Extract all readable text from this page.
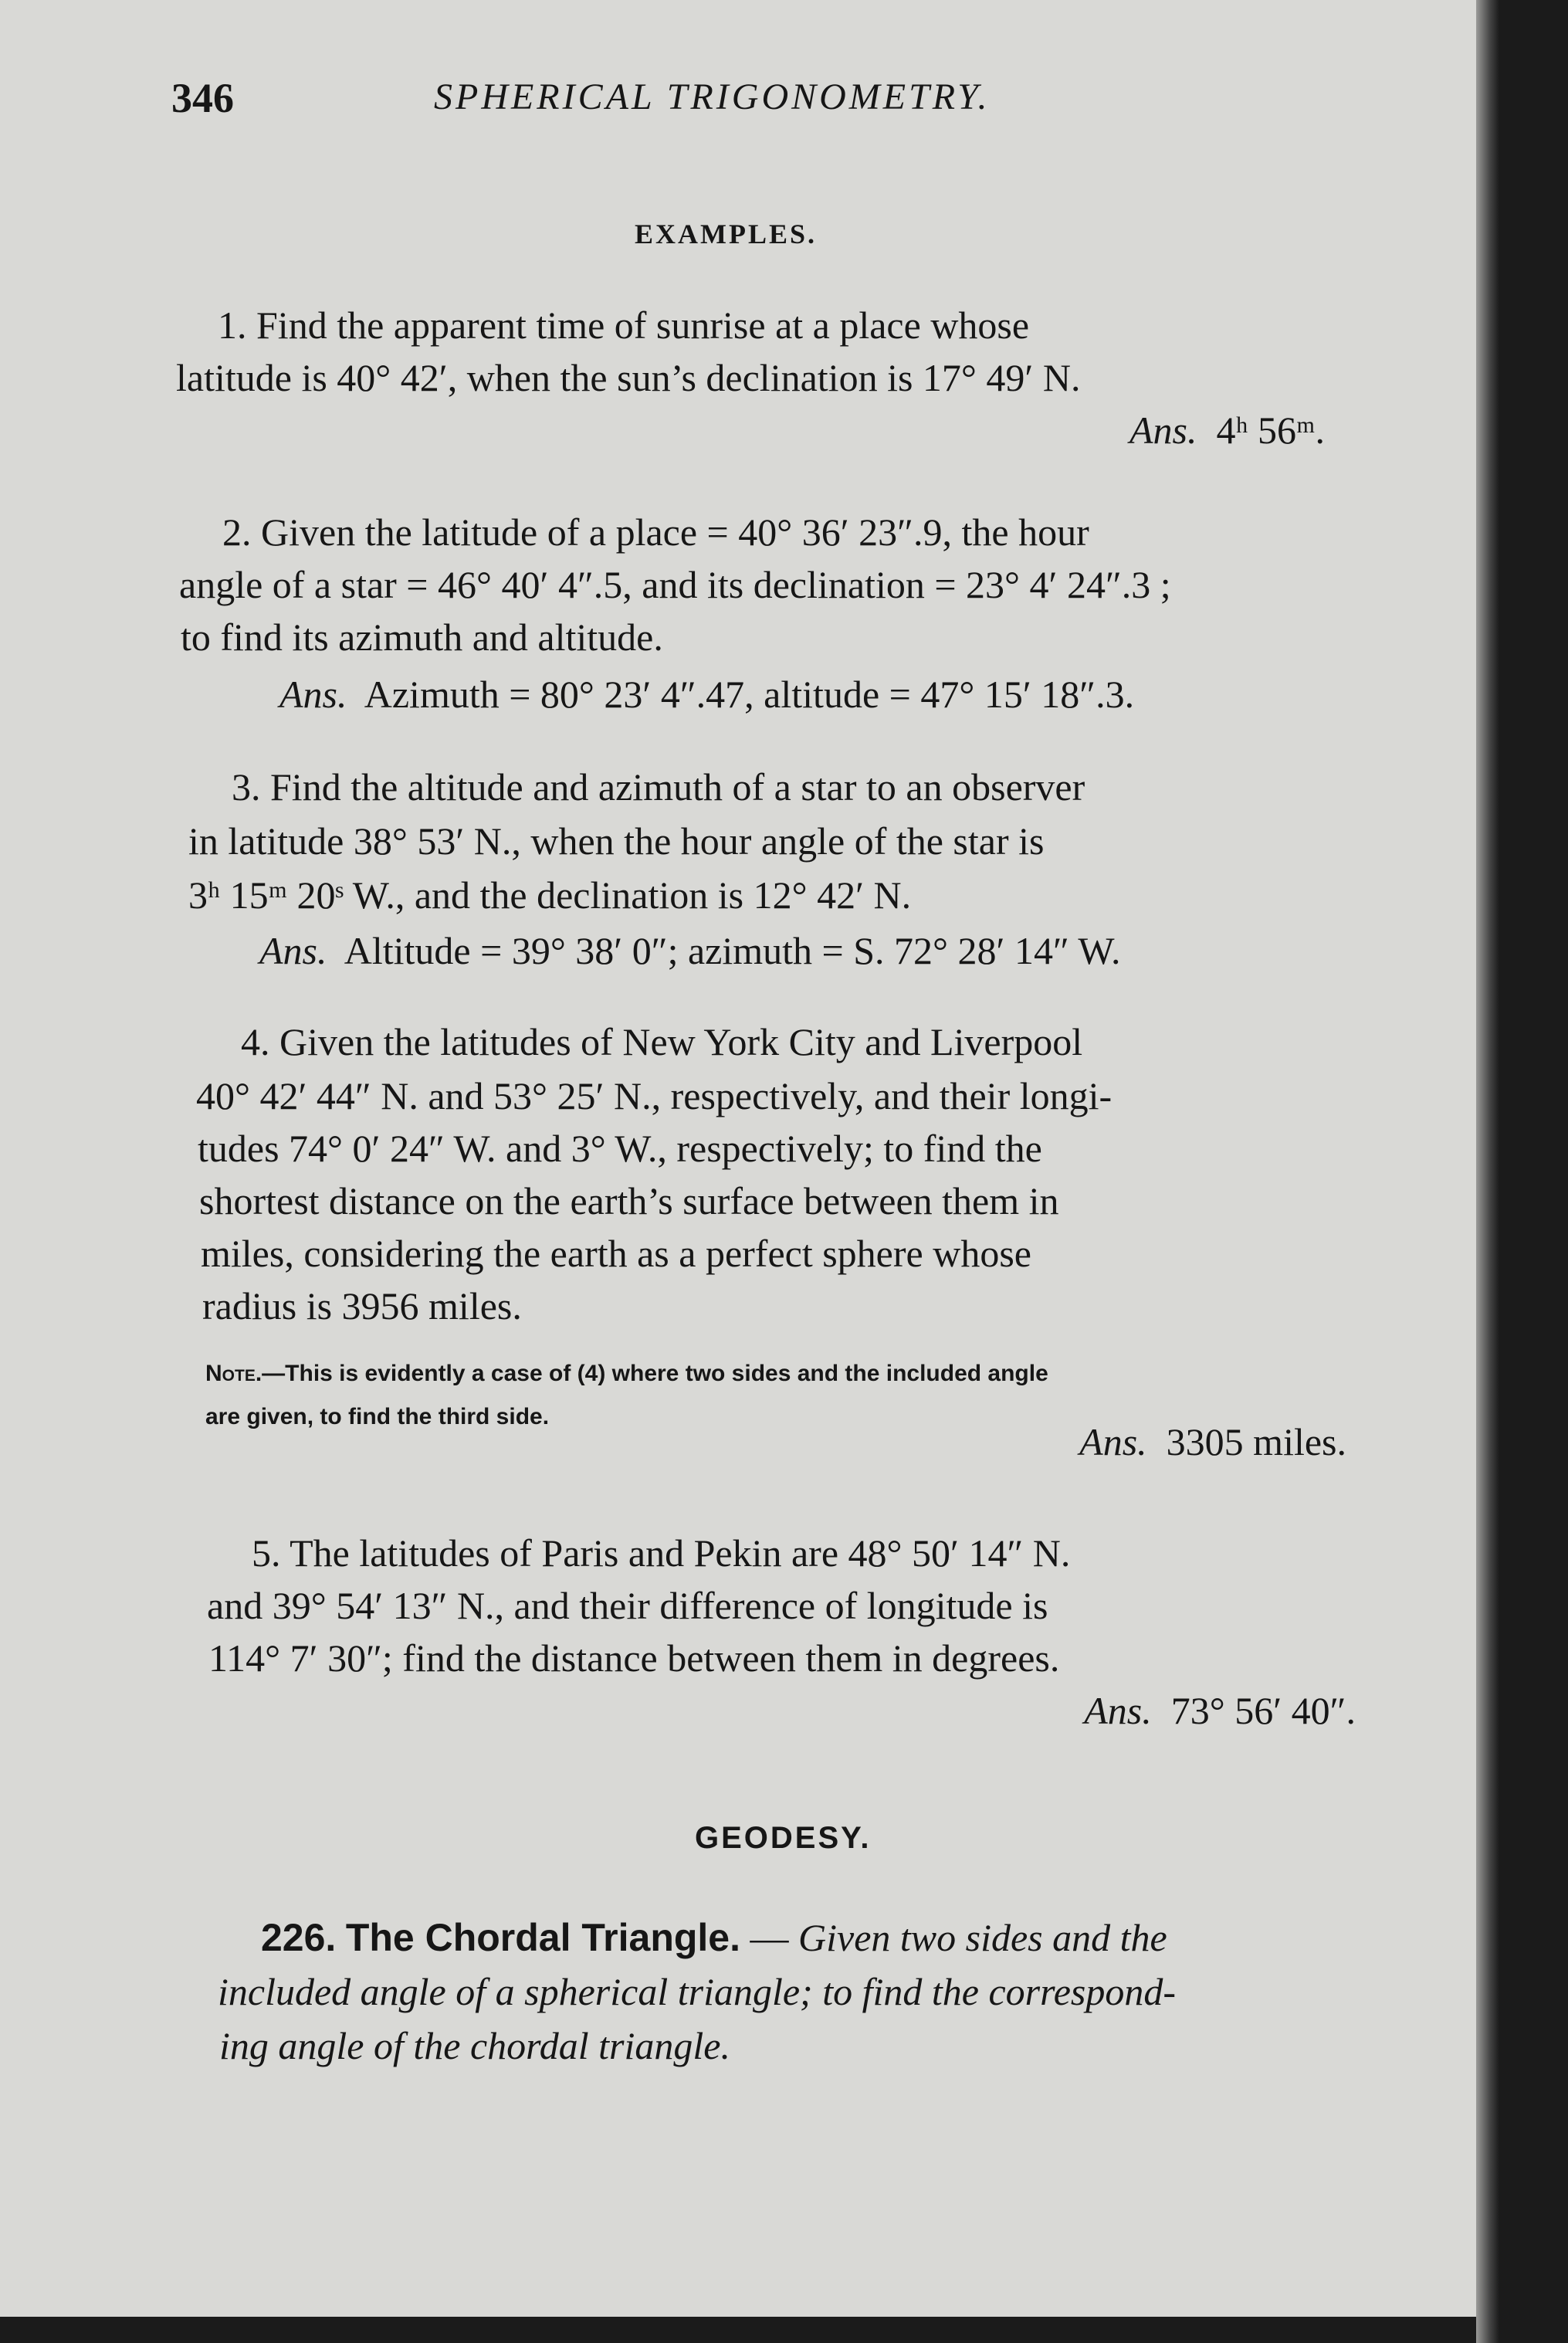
346	SPHERICAL TRIGONOMETRY.
EXAMPLES.
1. Find the apparent time of sunrise at a place whose
latitude is 40° 42′, when the sun’s declination is 17° 49′ N.
Ans. 4ʰ 56ᵐ.
2. Given the latitude of a place = 40° 36′ 23″.9, the hour
angle of a star = 46° 40′ 4″.5, and its declination = 23° 4′ 24″.3 ;
to find its azimuth and altitude.
Ans. Azimuth = 80° 23′ 4″.47, altitude = 47° 15′ 18″.3.
3. Find the altitude and azimuth of a star to an observer
in latitude 38° 53′ N., when the hour angle of the star is
3ʰ 15ᵐ 20ˢ W., and the declination is 12° 42′ N.
Ans. Altitude = 39° 38′ 0″; azimuth = S. 72° 28′ 14″ W.
4. Given the latitudes of New York City and Liverpool
40° 42′ 44″ N. and 53° 25′ N., respectively, and their longi-
tudes 74° 0′ 24″ W. and 3° W., respectively; to find the
shortest distance on the earth’s surface between them in
miles, considering the earth as a perfect sphere whose
radius is 3956 miles.
Note.—This is evidently a case of (4) where two sides and the included angle
are given, to find the third side.
Ans. 3305 miles.
5. The latitudes of Paris and Pekin are 48° 50′ 14″ N.
and 39° 54′ 13″ N., and their difference of longitude is
114° 7′ 30″; find the distance between them in degrees.
Ans. 73° 56′ 40″.
GEODESY.
226. The Chordal Triangle. — Given two sides and the
included angle of a spherical triangle; to find the correspond-
ing angle of the chordal triangle.
